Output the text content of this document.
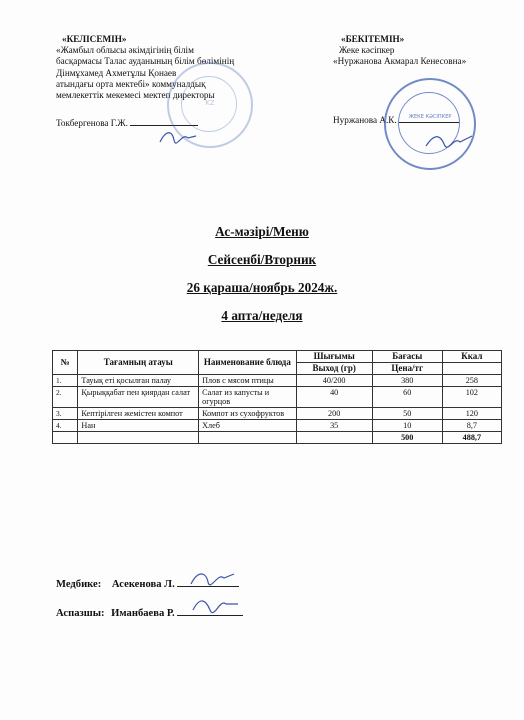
«КЕЛІСЕМІН»
«Жамбыл облысы әкімдігінің білім
басқармасы Талас ауданының білім бөлімінің
Дінмұхамед Ахметұлы Қонаев
атындағы орта мектебі» коммуналдық
мемлекеттік мекемесі мектеп директоры
Токбергенова Г.Ж.
«БЕКІТЕМІН»
Жеке кәсіпкер
«Нуржанова Акмарал Кенесовна»
Нуржанова А.К.
KZ
ЖЕКЕ КӘСІПКЕР
Ас-мәзірі/Меню
Сейсенбі/Вторник
26 қараша/ноябрь 2024ж.
4 апта/неделя
№	Тағамның атауы	Наименование блюда	Шығымы	Бағасы	Ккал
			Выход (гр)	Цена/тг	
1.	Тауық еті қосылған палау	Плов с мясом птицы	40/200	380	258
2.	Қырыққабат пен қиярдан салат	Салат из капусты и огурцов	40	60	102
3.	Кептірілген жемістен компот	Компот из сухофруктов	200	50	120
4.	Нан	Хлеб	35	10	8,7
				500	488,7
Медбике: Асекенова Л.
Аспазшы: Иманбаева Р.
